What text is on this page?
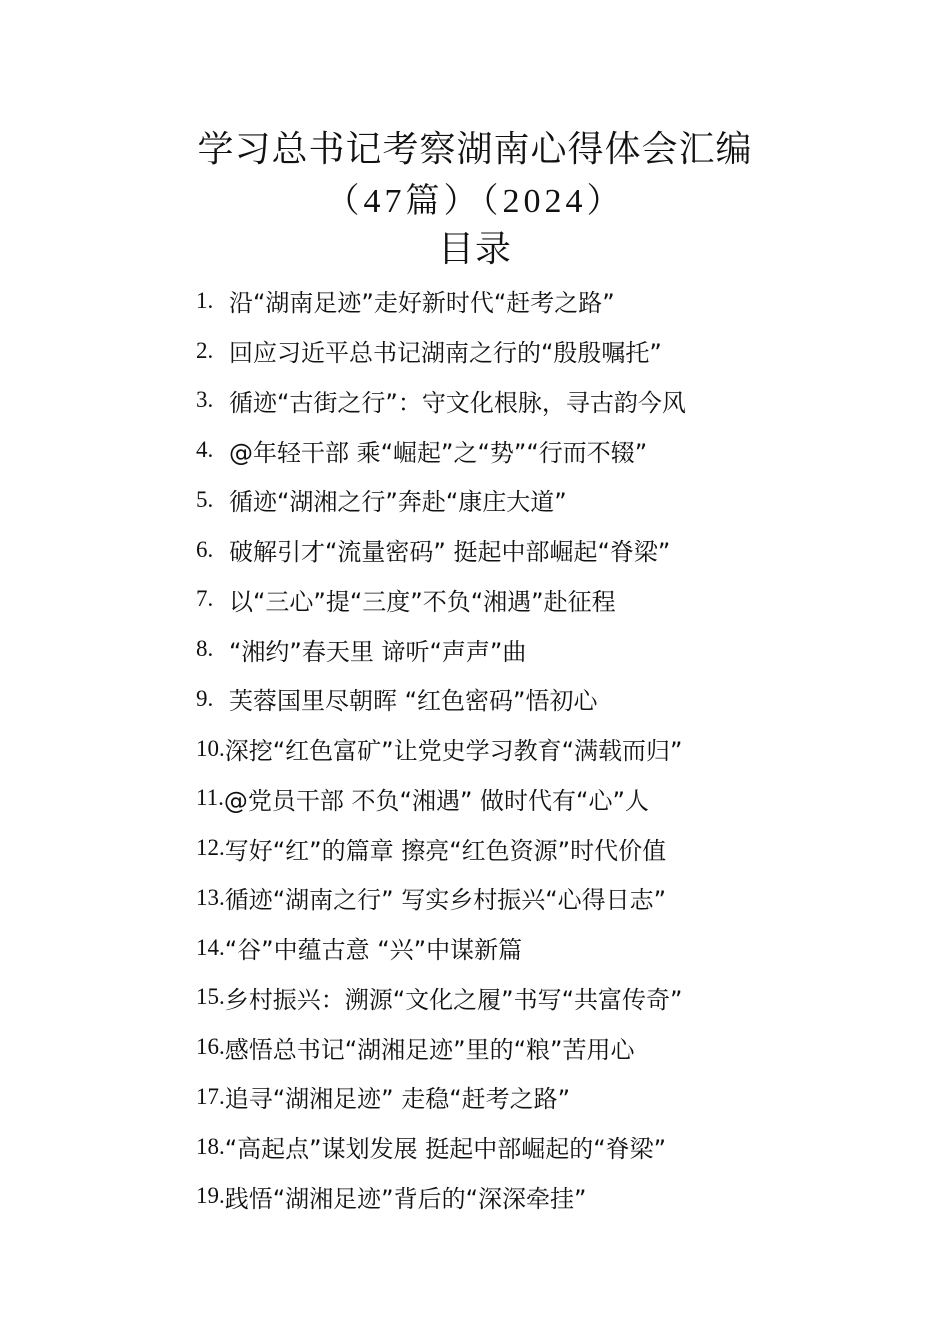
学习总书记考察湖南心得体会汇编
（47篇）（2024）
目录
1. 沿“湖南足迹”走好新时代“赶考之路”
2. 回应习近平总书记湖南之行的“殷殷嘱托”
3. 循迹“古街之行”：守文化根脉，寻古韵今风
4. @年轻干部 乘“崛起”之“势”“行而不辍”
5. 循迹“湖湘之行”奔赴“康庄大道”
6. 破解引才“流量密码” 挺起中部崛起“脊梁”
7. 以“三心”提“三度”不负“湘遇”赴征程
8. “湘约”春天里 谛听“声声”曲
9. 芙蓉国里尽朝晖 “红色密码”悟初心
10. 深挖“红色富矿”让党史学习教育“满载而归”
11. @党员干部 不负“湘遇” 做时代有“心”人
12. 写好“红”的篇章 擦亮“红色资源”时代价值
13. 循迹“湖南之行” 写实乡村振兴“心得日志”
14. “谷”中蕴古意 “兴”中谋新篇
15. 乡村振兴：溯源“文化之履”书写“共富传奇”
16. 感悟总书记“湖湘足迹”里的“粮”苦用心
17. 追寻“湖湘足迹” 走稳“赶考之路”
18. “高起点”谋划发展 挺起中部崛起的“脊梁”
19. 践悟“湖湘足迹”背后的“深深牵挂”
